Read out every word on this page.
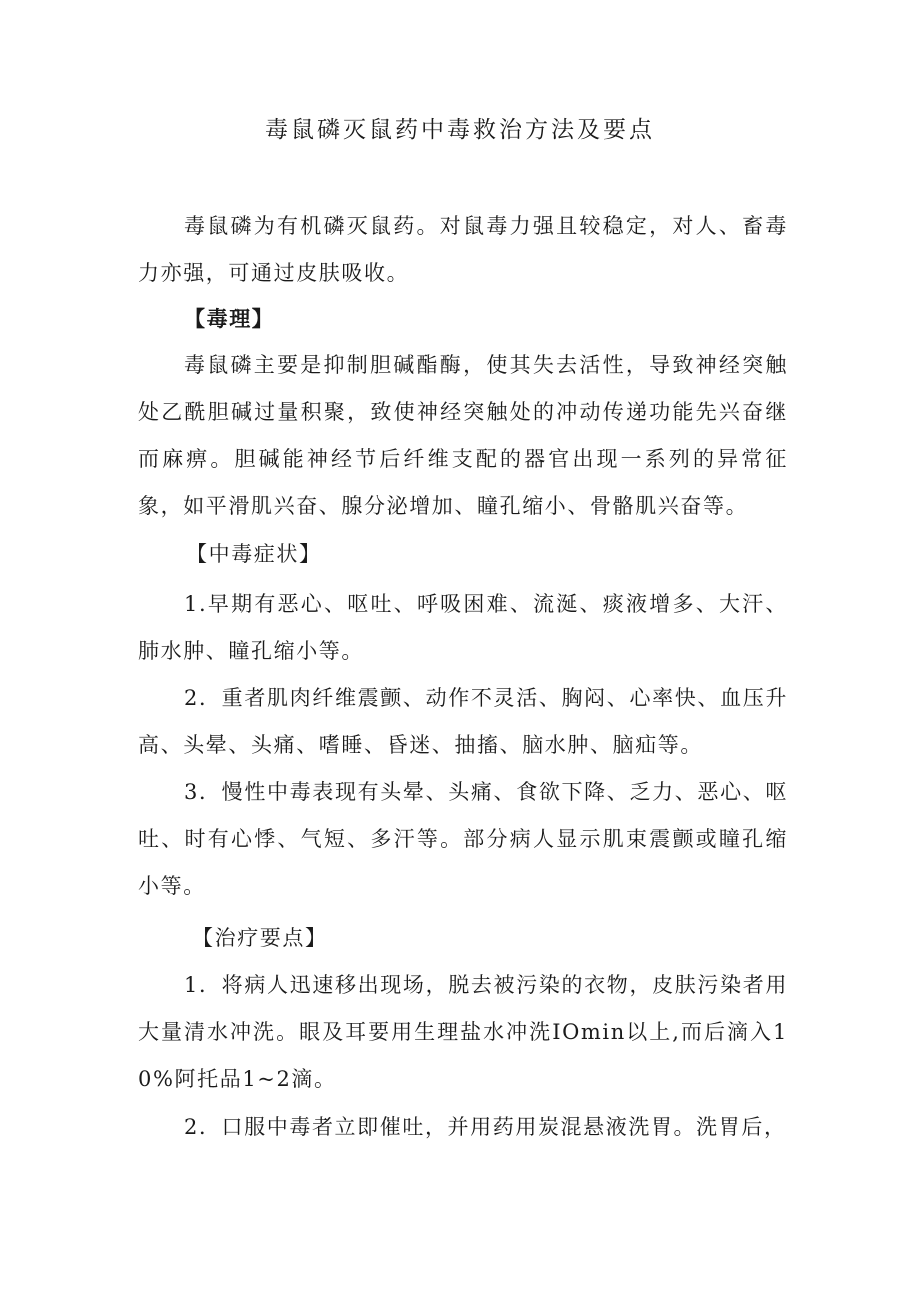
毒鼠磷灭鼠药中毒救治方法及要点

毒鼠磷为有机磷灭鼠药。对鼠毒力强且较稳定，对人、畜毒力亦强，可通过皮肤吸收。

【毒理】

毒鼠磷主要是抑制胆碱酯酶，使其失去活性，导致神经突触处乙酰胆碱过量积聚，致使神经突触处的冲动传递功能先兴奋继而麻痹。胆碱能神经节后纤维支配的器官出现一系列的异常征象，如平滑肌兴奋、腺分泌增加、瞳孔缩小、骨骼肌兴奋等。

【中毒症状】

1.早期有恶心、呕吐、呼吸困难、流涎、痰液增多、大汗、肺水肿、瞳孔缩小等。

2．重者肌肉纤维震颤、动作不灵活、胸闷、心率快、血压升高、头晕、头痛、嗜睡、昏迷、抽搐、脑水肿、脑疝等。

3．慢性中毒表现有头晕、头痛、食欲下降、乏力、恶心、呕吐、时有心悸、气短、多汗等。部分病人显示肌束震颤或瞳孔缩小等。

【治疗要点】

1．将病人迅速移出现场，脱去被污染的衣物，皮肤污染者用大量清水冲洗。眼及耳要用生理盐水冲洗IOmin以上,而后滴入10%阿托品1~2滴。

2．口服中毒者立即催吐，并用药用炭混悬液洗胃。洗胃后，
